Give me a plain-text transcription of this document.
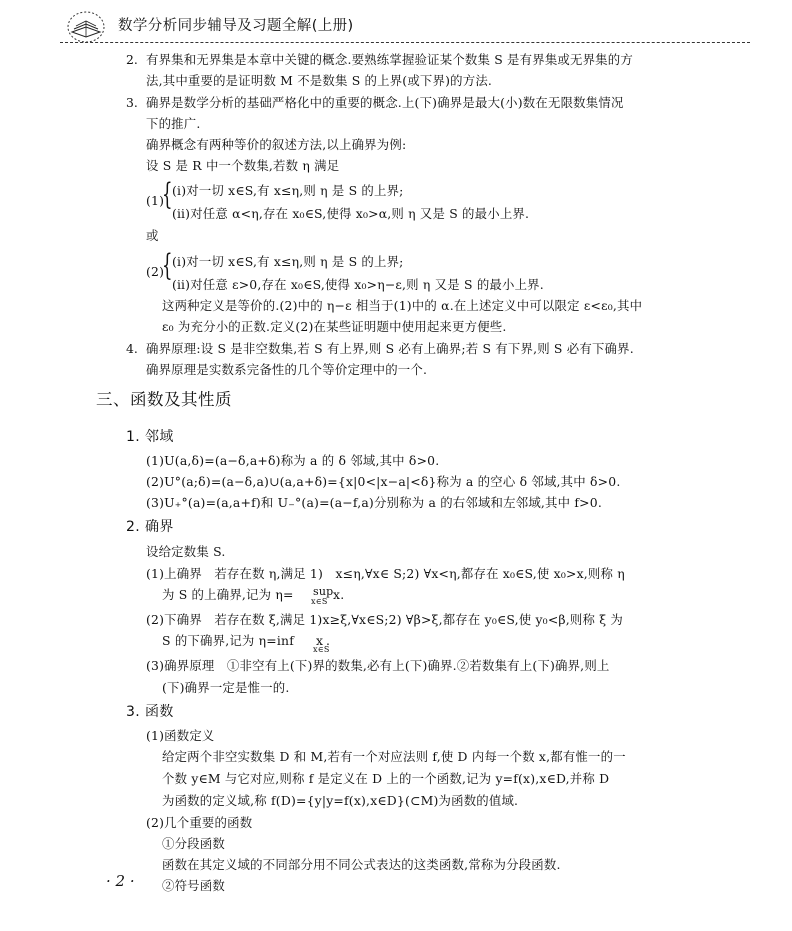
数学分析同步辅导及习题全解(上册)
2. 有界集和无界集是本章中关键的概念.要熟练掌握验证某个数集 S 是有界集或无界集的方
法,其中重要的是证明数 M 不是数集 S 的上界(或下界)的方法.
3. 确界是数学分析的基础严格化中的重要的概念.上(下)确界是最大(小)数在无限数集情况
下的推广.
确界概念有两种等价的叙述方法,以上确界为例:
设 S 是 R 中一个数集,若数 η 满足
(1)
{ (ⅰ)对一切 x∈S,有 x≤η,则 η 是 S 的上界;
(ⅱ)对任意 α<η,存在 x₀∈S,使得 x₀>α,则 η 又是 S 的最小上界.
或
(2)
{ (ⅰ)对一切 x∈S,有 x≤η,则 η 是 S 的上界;
(ⅱ)对任意 ε>0,存在 x₀∈S,使得 x₀>η−ε,则 η 又是 S 的最小上界.
这两种定义是等价的.(2)中的 η−ε 相当于(1)中的 α.在上述定义中可以限定 ε<ε₀,其中
ε₀ 为充分小的正数.定义(2)在某些证明题中使用起来更方便些.
4. 确界原理:设 S 是非空数集,若 S 有上界,则 S 必有上确界;若 S 有下界,则 S 必有下确界.
确界原理是实数系完备性的几个等价定理中的一个.
三、函数及其性质
1. 邻域
(1)U(a,δ)=(a−δ,a+δ)称为 a 的 δ 邻域,其中 δ>0.
(2)U°(a;δ)=(a−δ,a)∪(a,a+δ)={x|0<|x−a|<δ}称为 a 的空心 δ 邻域,其中 δ>0.
(3)U₊°(a)=(a,a+f)和 U₋°(a)=(a−f,a)分别称为 a 的右邻域和左邻域,其中 f>0.
2. 确界
设给定数集 S.
(1)上确界   若存在数 η,满足 1)   x≤η,∀x∈ S;2) ∀x<η,都存在 x₀∈S,使 x₀>x,则称 η
为 S 的上确界,记为 η= sup
x∈S x.
(2)下确界   若存在数 ξ,满足 1)x≥ξ,∀x∈S;2) ∀β>ξ,都存在 y₀∈S,使 y₀<β,则称 ξ 为
S 的下确界,记为 η=inf x
x∈S
.
(3)确界原理   ①非空有上(下)界的数集,必有上(下)确界.②若数集有上(下)确界,则上
(下)确界一定是惟一的.
3. 函数
(1)函数定义
给定两个非空实数集 D 和 M,若有一个对应法则 f,使 D 内每一个数 x,都有惟一的一
个数 y∈M 与它对应,则称 f 是定义在 D 上的一个函数,记为 y=f(x),x∈D,并称 D
为函数的定义域,称 f(D)={y|y=f(x),x∈D}(⊂M)为函数的值域.
(2)几个重要的函数
①分段函数
函数在其定义域的不同部分用不同公式表达的这类函数,常称为分段函数.
②符号函数
· 2 ·
